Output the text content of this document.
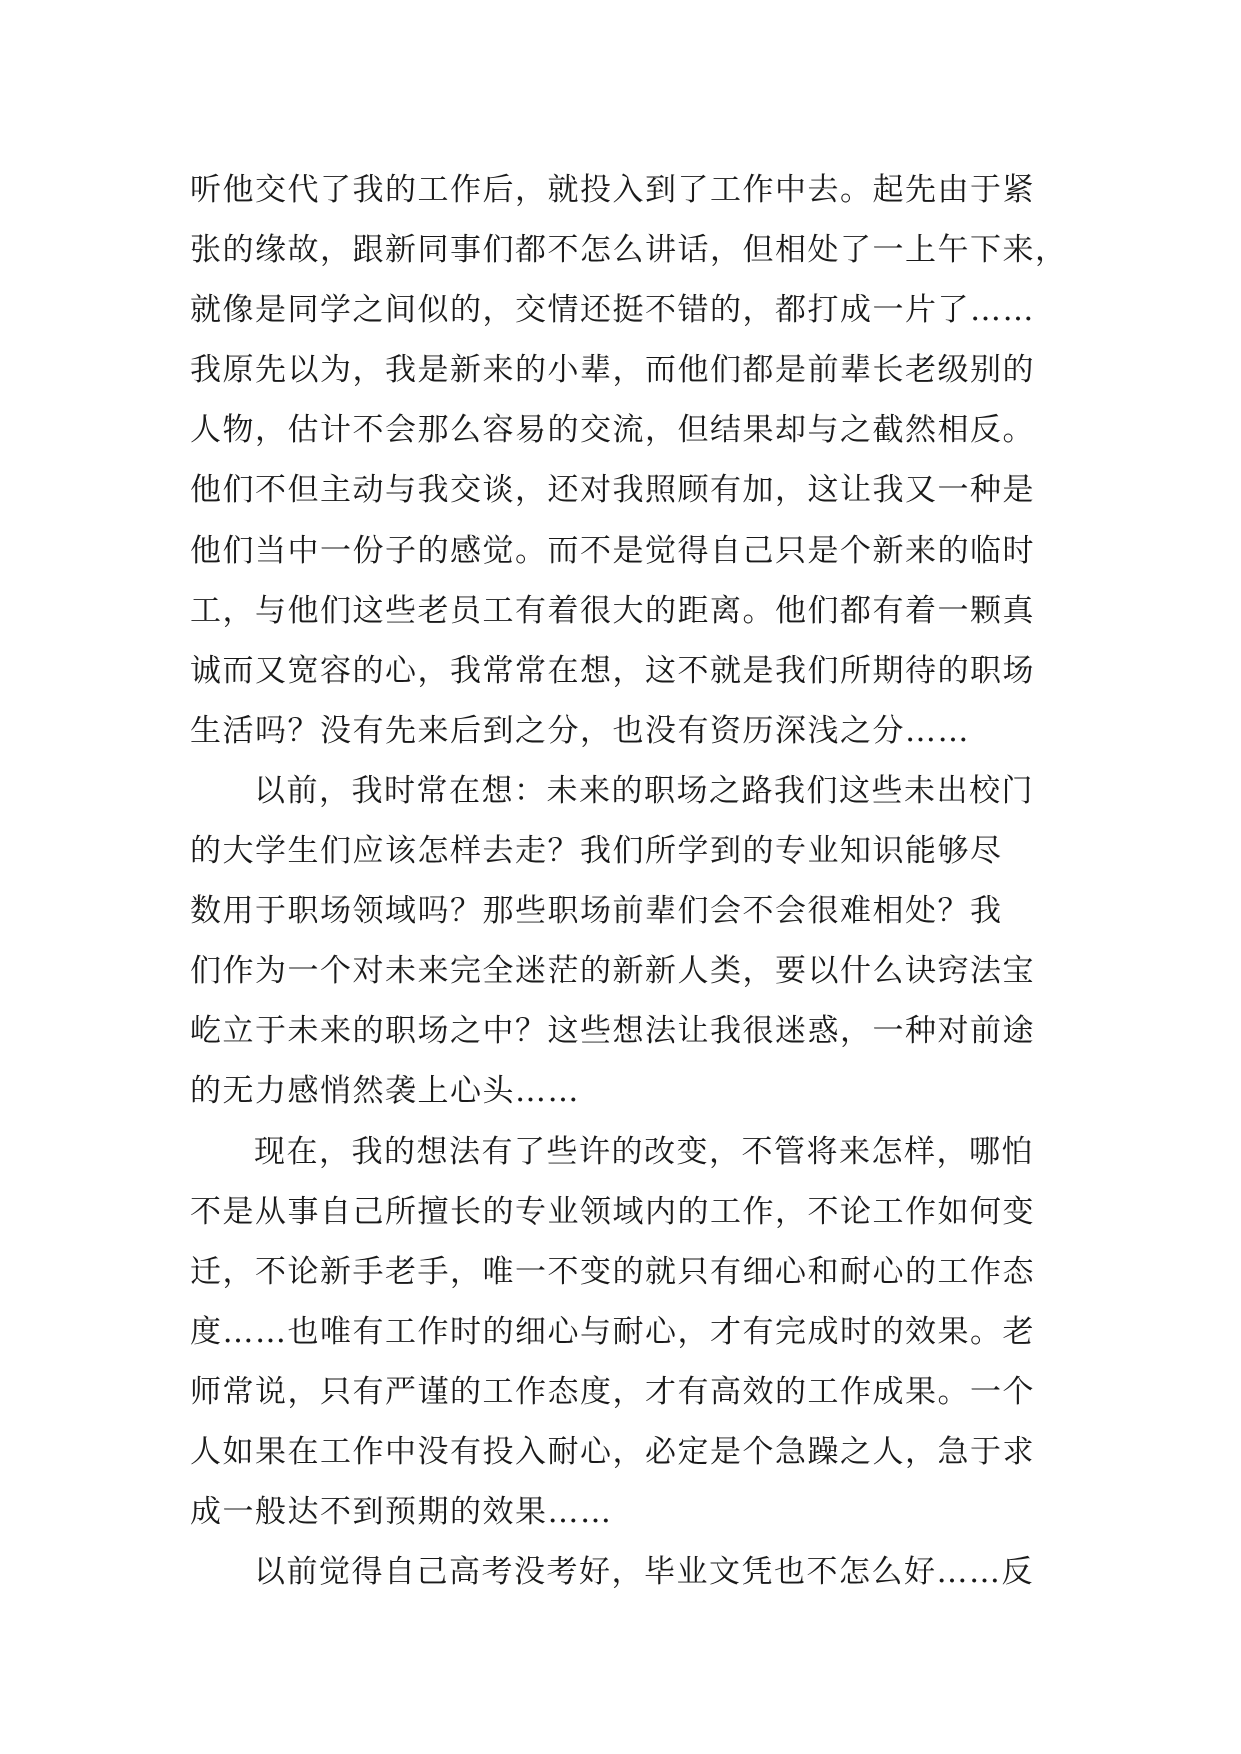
听他交代了我的工作后，就投入到了工作中去。起先由于紧
张的缘故，跟新同事们都不怎么讲话，但相处了一上午下来，
就像是同学之间似的，交情还挺不错的，都打成一片了……
我原先以为，我是新来的小辈，而他们都是前辈长老级别的
人物，估计不会那么容易的交流，但结果却与之截然相反。
他们不但主动与我交谈，还对我照顾有加，这让我又一种是
他们当中一份子的感觉。而不是觉得自己只是个新来的临时
工，与他们这些老员工有着很大的距离。他们都有着一颗真
诚而又宽容的心，我常常在想，这不就是我们所期待的职场
生活吗？没有先来后到之分，也没有资历深浅之分……
以前，我时常在想：未来的职场之路我们这些未出校门
的大学生们应该怎样去走？我们所学到的专业知识能够尽
数用于职场领域吗？那些职场前辈们会不会很难相处？我
们作为一个对未来完全迷茫的新新人类，要以什么诀窍法宝
屹立于未来的职场之中？这些想法让我很迷惑，一种对前途
的无力感悄然袭上心头……
现在，我的想法有了些许的改变，不管将来怎样，哪怕
不是从事自己所擅长的专业领域内的工作，不论工作如何变
迁，不论新手老手，唯一不变的就只有细心和耐心的工作态
度……也唯有工作时的细心与耐心，才有完成时的效果。老
师常说，只有严谨的工作态度，才有高效的工作成果。一个
人如果在工作中没有投入耐心，必定是个急躁之人，急于求
成一般达不到预期的效果……
以前觉得自己高考没考好，毕业文凭也不怎么好……反
